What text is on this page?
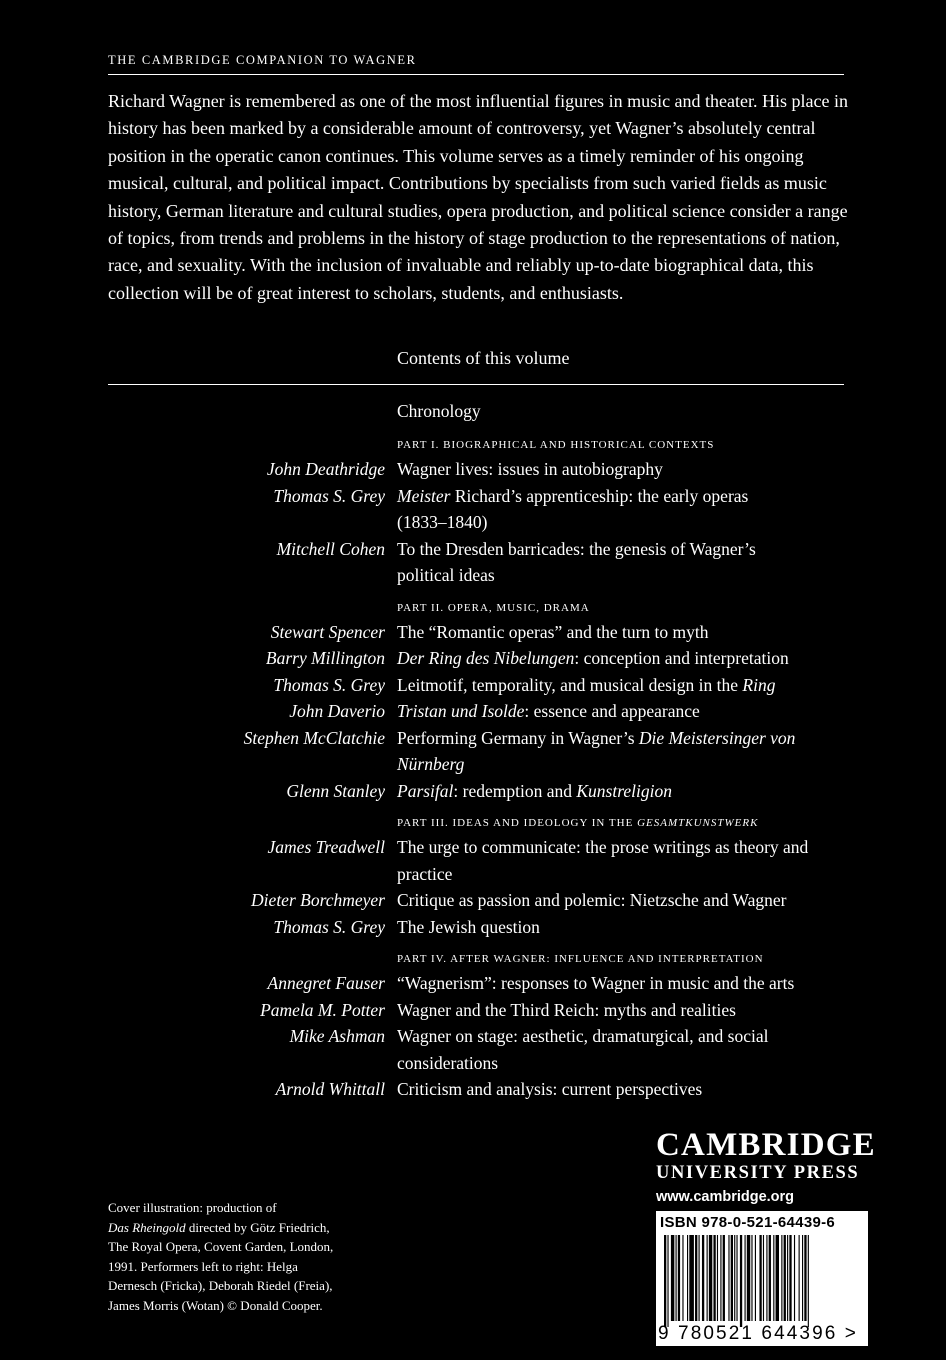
THE CAMBRIDGE COMPANION TO WAGNER
Richard Wagner is remembered as one of the most influential figures in music and theater. His place in history has been marked by a considerable amount of controversy, yet Wagner’s absolutely central position in the operatic canon continues. This volume serves as a timely reminder of his ongoing musical, cultural, and political impact. Contributions by specialists from such varied fields as music history, German literature and cultural studies, opera production, and political science consider a range of topics, from trends and problems in the history of stage production to the representations of nation, race, and sexuality. With the inclusion of invaluable and reliably up-to-date biographical data, this collection will be of great interest to scholars, students, and enthusiasts.
Contents of this volume
Chronology
PART I. BIOGRAPHICAL AND HISTORICAL CONTEXTS
John Deathridge Wagner lives: issues in autobiography
Thomas S. Grey Meister Richard’s apprenticeship: the early operas
(1833–1840)
Mitchell Cohen To the Dresden barricades: the genesis of Wagner’s
political ideas
PART II. OPERA, MUSIC, DRAMA
Stewart Spencer The “Romantic operas” and the turn to myth
Barry Millington Der Ring des Nibelungen: conception and interpretation
Thomas S. Grey Leitmotif, temporality, and musical design in the Ring
John Daverio Tristan und Isolde: essence and appearance
Stephen McClatchie Performing Germany in Wagner’s Die Meistersinger von
Nürnberg
Glenn Stanley Parsifal: redemption and Kunstreligion
PART III. IDEAS AND IDEOLOGY IN THE GESAMTKUNSTWERK
James Treadwell The urge to communicate: the prose writings as theory and
practice
Dieter Borchmeyer Critique as passion and polemic: Nietzsche and Wagner
Thomas S. Grey The Jewish question
PART IV. AFTER WAGNER: INFLUENCE AND INTERPRETATION
Annegret Fauser “Wagnerism”: responses to Wagner in music and the arts
Pamela M. Potter Wagner and the Third Reich: myths and realities
Mike Ashman Wagner on stage: aesthetic, dramaturgical, and social
considerations
Arnold Whittall Criticism and analysis: current perspectives
Cover illustration: production of
Das Rheingold directed by Götz Friedrich,
The Royal Opera, Covent Garden, London,
1991. Performers left to right: Helga
Dernesch (Fricka), Deborah Riedel (Freia),
James Morris (Wotan) © Donald Cooper.
CAMBRIDGE
UNIVERSITY PRESS
www.cambridge.org
ISBN 978-0-521-64439-6
9 780521 644396 >
